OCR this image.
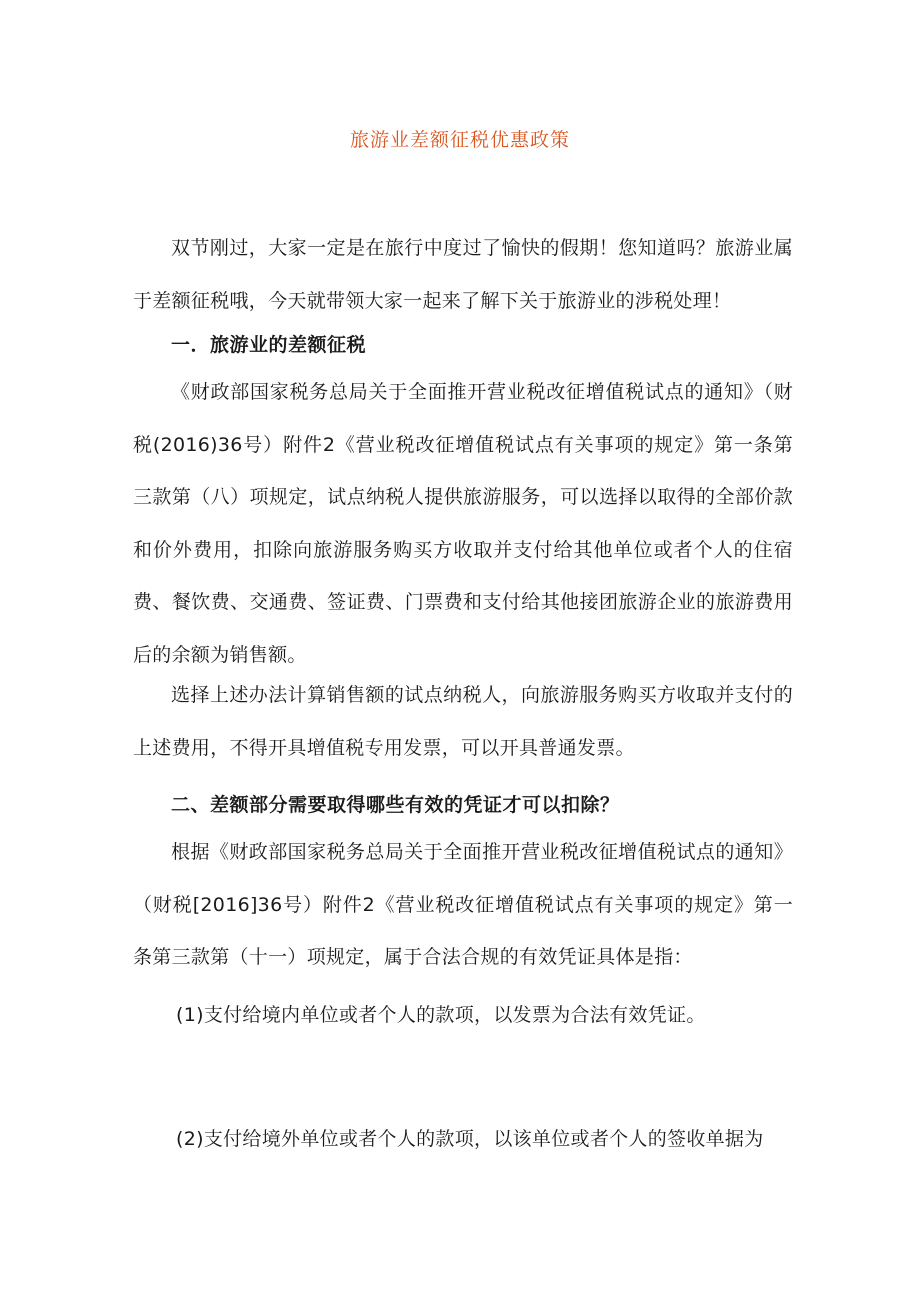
旅游业差额征税优惠政策
双节刚过，大家一定是在旅行中度过了愉快的假期！您知道吗？旅游业属于差额征税哦，今天就带领大家一起来了解下关于旅游业的涉税处理！
一．旅游业的差额征税
《财政部国家税务总局关于全面推开营业税改征增值税试点的通知》（财税(2016)36号）附件2《营业税改征增值税试点有关事项的规定》第一条第三款第（八）项规定，试点纳税人提供旅游服务，可以选择以取得的全部价款和价外费用，扣除向旅游服务购买方收取并支付给其他单位或者个人的住宿费、餐饮费、交通费、签证费、门票费和支付给其他接团旅游企业的旅游费用后的余额为销售额。
选择上述办法计算销售额的试点纳税人，向旅游服务购买方收取并支付的上述费用，不得开具增值税专用发票，可以开具普通发票。
二、差额部分需要取得哪些有效的凭证才可以扣除？
根据《财政部国家税务总局关于全面推开营业税改征增值税试点的通知》（财税[2016]36号）附件2《营业税改征增值税试点有关事项的规定》第一条第三款第（十一）项规定，属于合法合规的有效凭证具体是指：
(1)支付给境内单位或者个人的款项，以发票为合法有效凭证。
(2)支付给境外单位或者个人的款项，以该单位或者个人的签收单据为
